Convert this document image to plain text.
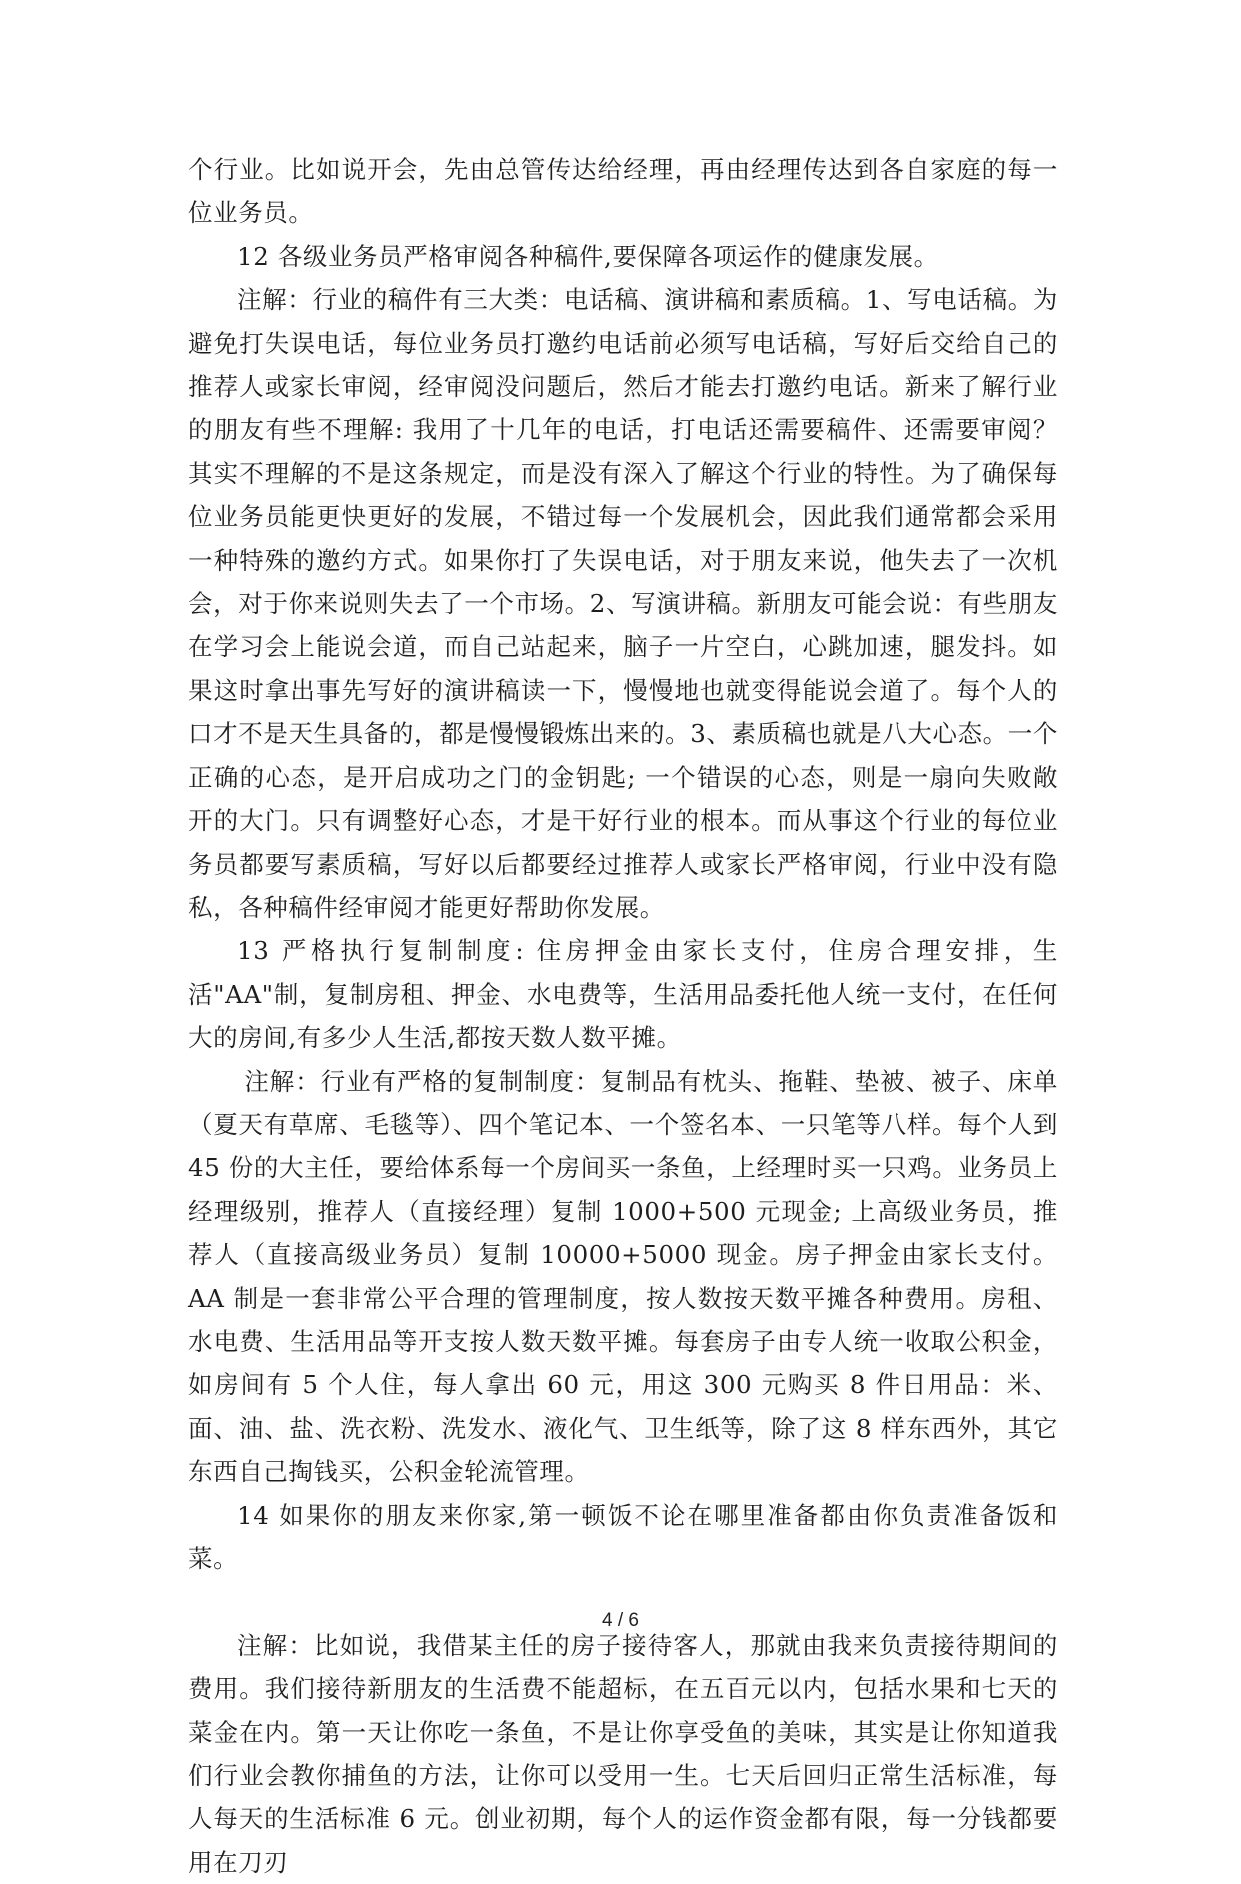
个行业。比如说开会，先由总管传达给经理，再由经理传达到各自家庭的每一位业务员。

12 各级业务员严格审阅各种稿件,要保障各项运作的健康发展。

注解：行业的稿件有三大类：电话稿、演讲稿和素质稿。1、写电话稿。为避免打失误电话，每位业务员打邀约电话前必须写电话稿，写好后交给自己的推荐人或家长审阅，经审阅没问题后，然后才能去打邀约电话。新来了解行业的朋友有些不理解: 我用了十几年的电话，打电话还需要稿件、还需要审阅？其实不理解的不是这条规定，而是没有深入了解这个行业的特性。为了确保每位业务员能更快更好的发展，不错过每一个发展机会，因此我们通常都会采用一种特殊的邀约方式。如果你打了失误电话，对于朋友来说，他失去了一次机会，对于你来说则失去了一个市场。2、写演讲稿。新朋友可能会说：有些朋友在学习会上能说会道，而自己站起来，脑子一片空白，心跳加速，腿发抖。如果这时拿出事先写好的演讲稿读一下，慢慢地也就变得能说会道了。每个人的口才不是天生具备的，都是慢慢锻炼出来的。3、素质稿也就是八大心态。一个正确的心态，是开启成功之门的金钥匙; 一个错误的心态，则是一扇向失败敞开的大门。只有调整好心态，才是干好行业的根本。而从事这个行业的每位业务员都要写素质稿，写好以后都要经过推荐人或家长严格审阅，行业中没有隐私，各种稿件经审阅才能更好帮助你发展。

13 严格执行复制制度: 住房押金由家长支付，住房合理安排，生活"AA"制，复制房租、押金、水电费等，生活用品委托他人统一支付，在任何大的房间,有多少人生活,都按天数人数平摊。

注解：行业有严格的复制制度：复制品有枕头、拖鞋、垫被、被子、床单（夏天有草席、毛毯等）、四个笔记本、一个签名本、一只笔等八样。每个人到 45 份的大主任，要给体系每一个房间买一条鱼，上经理时买一只鸡。业务员上经理级别，推荐人（直接经理）复制 1000+500 元现金; 上高级业务员，推荐人（直接高级业务员）复制 10000+5000 现金。房子押金由家长支付。AA 制是一套非常公平合理的管理制度，按人数按天数平摊各种费用。房租、水电费、生活用品等开支按人数天数平摊。每套房子由专人统一收取公积金，如房间有 5 个人住，每人拿出 60 元，用这 300 元购买 8 件日用品：米、面、油、盐、洗衣粉、洗发水、液化气、卫生纸等，除了这 8 样东西外，其它东西自己掏钱买，公积金轮流管理。

14 如果你的朋友来你家,第一顿饭不论在哪里准备都由你负责准备饭和菜。

注解：比如说，我借某主任的房子接待客人，那就由我来负责接待期间的费用。我们接待新朋友的生活费不能超标，在五百元以内，包括水果和七天的菜金在内。第一天让你吃一条鱼，不是让你享受鱼的美味，其实是让你知道我们行业会教你捕鱼的方法，让你可以受用一生。七天后回归正常生活标准，每人每天的生活标准 6 元。创业初期，每个人的运作资金都有限，每一分钱都要用在刀刃

4 / 6
